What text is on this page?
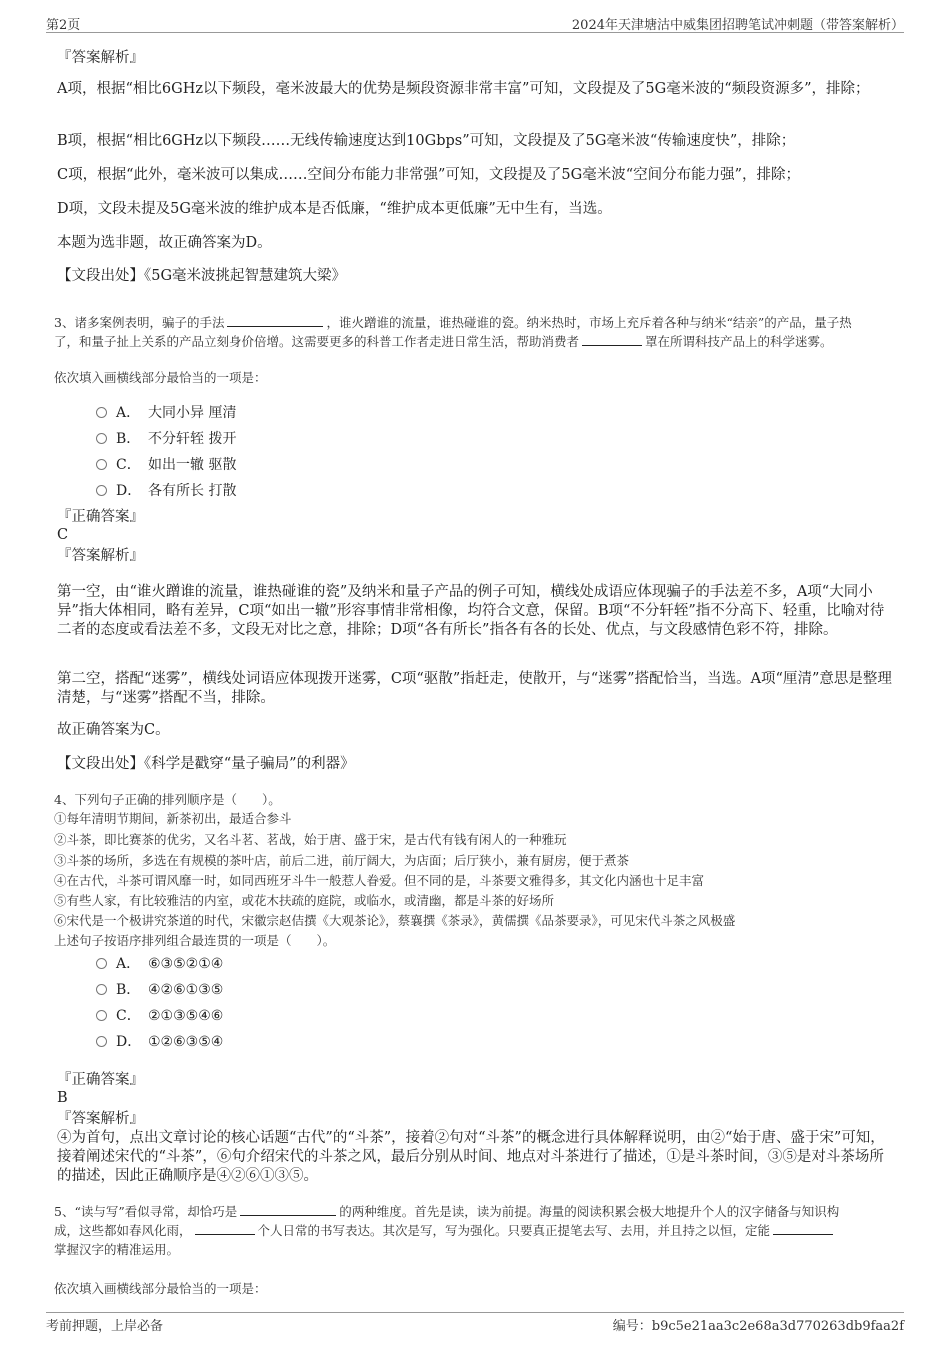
第2页	2024年天津塘沽中威集团招聘笔试冲刺题（带答案解析）
『答案解析』
A项，根据“相比6GHz以下频段，毫米波最大的优势是频段资源非常丰富”可知，文段提及了5G毫米波的“频段资源多”，排除；
B项，根据“相比6GHz以下频段……无线传输速度达到10Gbps”可知，文段提及了5G毫米波“传输速度快”，排除；
C项，根据“此外，毫米波可以集成……空间分布能力非常强”可知，文段提及了5G毫米波“空间分布能力强”，排除；
D项，文段未提及5G毫米波的维护成本是否低廉，“维护成本更低廉”无中生有，当选。
本题为选非题，故正确答案为D。
【文段出处】《5G毫米波挑起智慧建筑大梁》
3、诸多案例表明，骗子的手法	，谁火蹭谁的流量，谁热碰谁的瓷。纳米热时，市场上充斥着各种与纳米“结亲”的产品，量子热
了，和量子扯上关系的产品立刻身价倍增。这需要更多的科普工作者走进日常生活，帮助消费者	罩在所谓科技产品上的科学迷雾。
依次填入画横线部分最恰当的一项是：
A． 大同小异 厘清
B． 不分轩轾 拨开
C． 如出一辙 驱散
D． 各有所长 打散
『正确答案』
C
『答案解析』
第一空，由“谁火蹭谁的流量，谁热碰谁的瓷”及纳米和量子产品的例子可知，横线处成语应体现骗子的手法差不多，A项“大同小异”指大体相同，略有差异，C项“如出一辙”形容事情非常相像，均符合文意，保留。B项“不分轩轾”指不分高下、轻重，比喻对待二者的态度或看法差不多，文段无对比之意，排除；D项“各有所长”指各有各的长处、优点，与文段感情色彩不符，排除。
第二空，搭配“迷雾”，横线处词语应体现拨开迷雾，C项“驱散”指赶走，使散开，与“迷雾”搭配恰当，当选。A项“厘清”意思是整理清楚，与“迷雾”搭配不当，排除。
故正确答案为C。
【文段出处】《科学是戳穿“量子骗局”的利器》
4、下列句子正确的排列顺序是（　　）。
①每年清明节期间，新茶初出，最适合参斗
②斗茶，即比赛茶的优劣，又名斗茗、茗战，始于唐、盛于宋，是古代有钱有闲人的一种雅玩
③斗茶的场所，多选在有规模的茶叶店，前后二进，前厅阔大，为店面；后厅狭小，兼有厨房，便于煮茶
④在古代，斗茶可谓风靡一时，如同西班牙斗牛一般惹人眷爱。但不同的是，斗茶要文雅得多，其文化内涵也十足丰富
⑤有些人家，有比较雅洁的内室，或花木扶疏的庭院，或临水，或清幽，都是斗茶的好场所
⑥宋代是一个极讲究茶道的时代，宋徽宗赵佶撰《大观茶论》，蔡襄撰《茶录》，黄儒撰《品茶要录》，可见宋代斗茶之风极盛
上述句子按语序排列组合最连贯的一项是（　　）。
A． ⑥③⑤②①④
B． ④②⑥①③⑤
C． ②①③⑤④⑥
D． ①②⑥③⑤④
『正确答案』
B
『答案解析』
④为首句，点出文章讨论的核心话题“古代”的“斗茶”，接着②句对“斗茶”的概念进行具体解释说明，由②“始于唐、盛于宋”可知，接着阐述宋代的“斗茶”，⑥句介绍宋代的斗茶之风，最后分别从时间、地点对斗茶进行了描述，①是斗茶时间，③⑤是对斗茶场所的描述，因此正确顺序是④②⑥①③⑤。
5、“读与写”看似寻常，却恰巧是	的两种维度。首先是读，读为前提。海量的阅读积累会极大地提升个人的汉字储备与知识构
成，这些都如春风化雨，	个人日常的书写表达。其次是写，写为强化。只要真正提笔去写、去用，并且持之以恒，定能
掌握汉字的精准运用。
依次填入画横线部分最恰当的一项是：
考前押题，上岸必备	编号：b9c5e21aa3c2e68a3d770263db9faa2f
